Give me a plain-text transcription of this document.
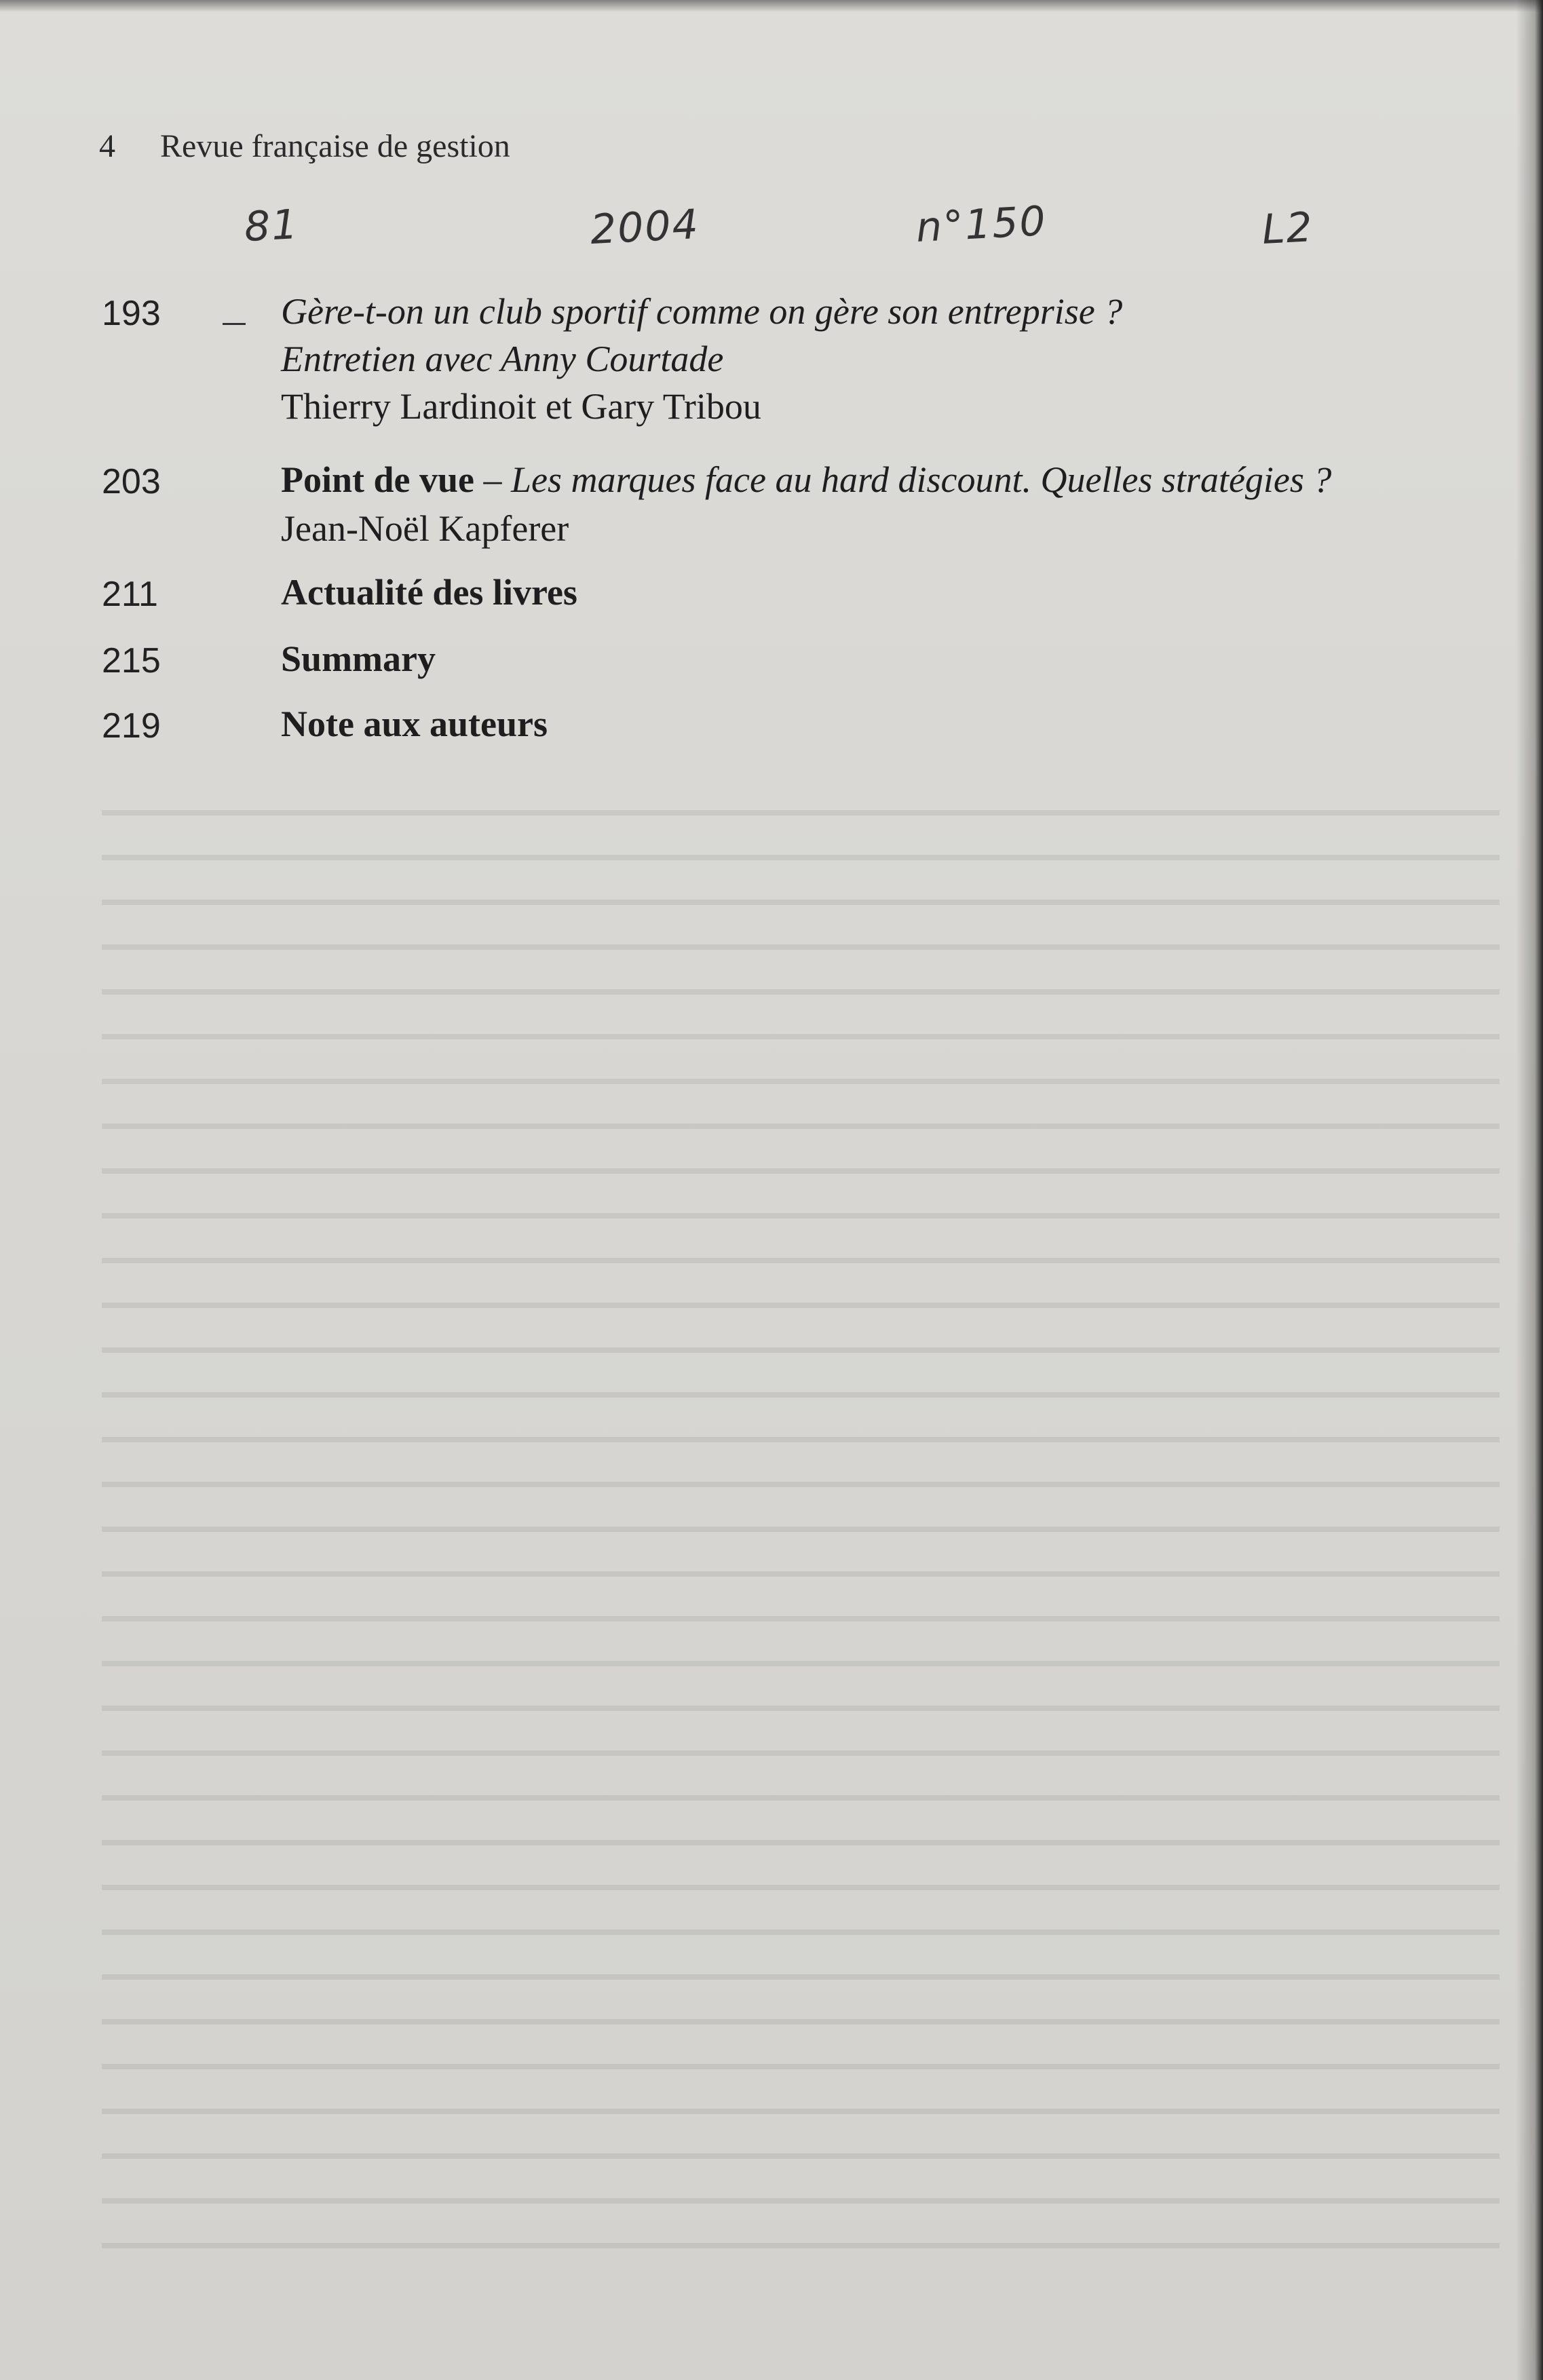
4 Revue française de gestion
81	2004	n°150	L2
193	Gère-t-on un club sportif comme on gère son entreprise ?
Entretien avec Anny Courtade
Thierry Lardinoit et Gary Tribou
203	Point de vue – Les marques face au hard discount. Quelles stratégies ?
Jean-Noël Kapferer
211	Actualité des livres
215	Summary
219	Note aux auteurs
